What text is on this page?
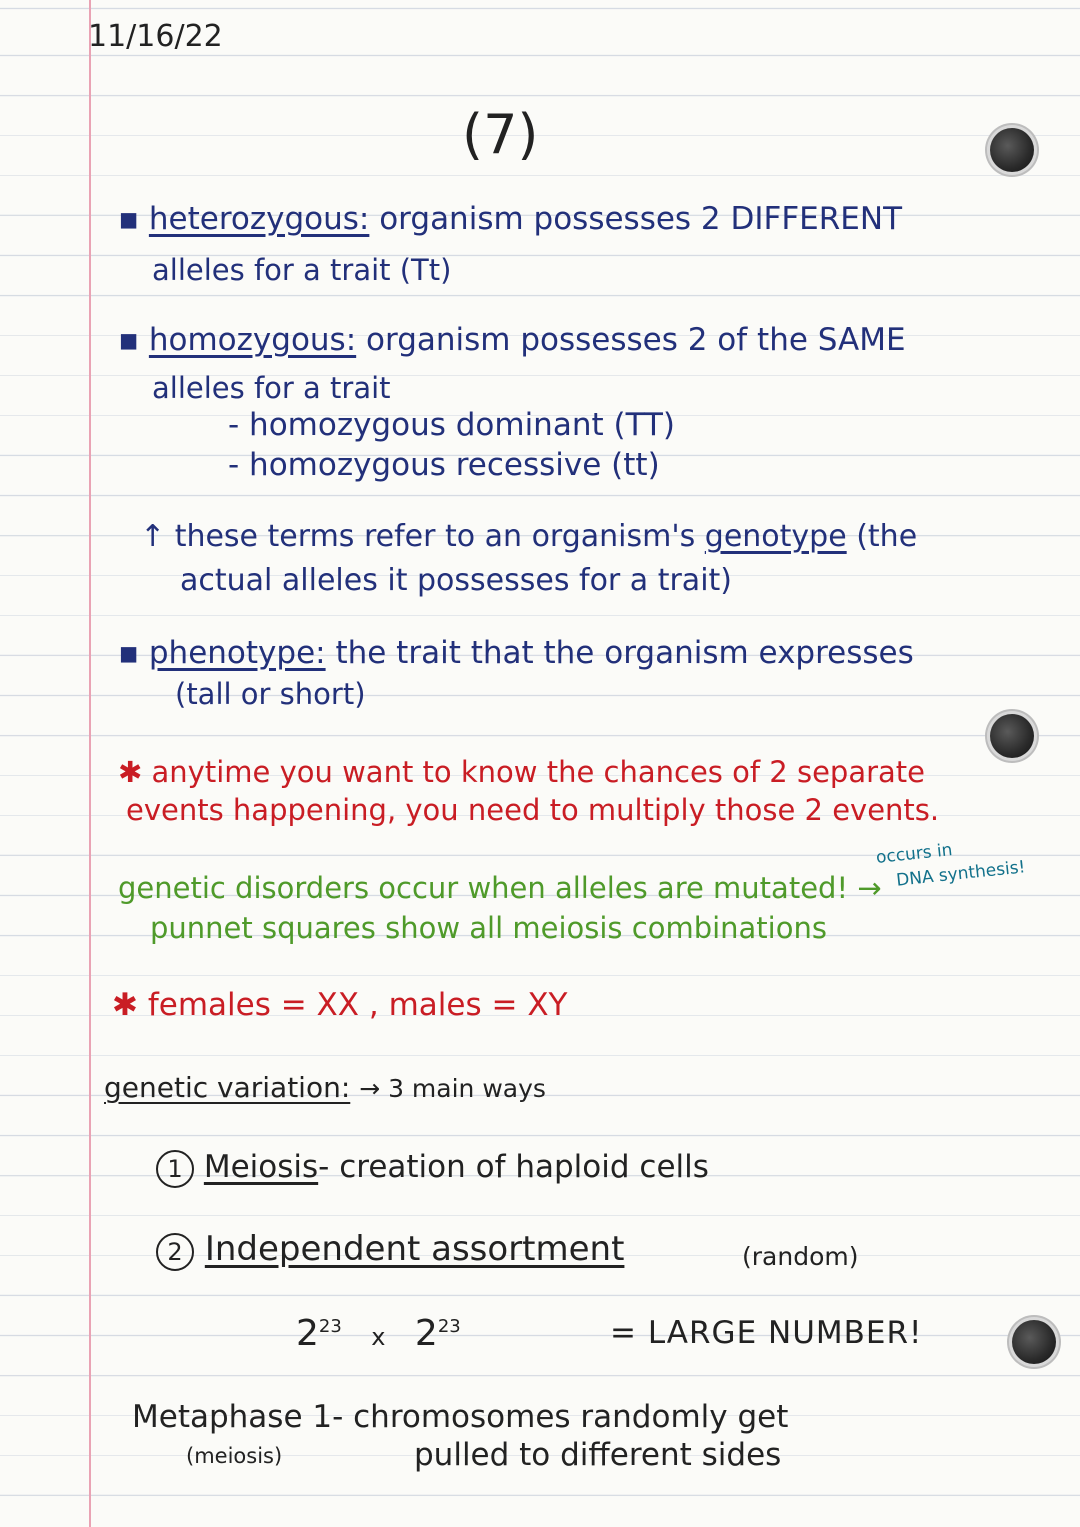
11/16/22
(7)
▪ heterozygous: organism possesses 2 DIFFERENT
alleles for a trait (Tt)
▪ homozygous: organism possesses 2 of the SAME
alleles for a trait
- homozygous dominant (TT)
- homozygous recessive (tt)
↑ these terms refer to an organism's genotype (the
actual alleles it possesses for a trait)
▪ phenotype: the trait that the organism expresses
(tall or short)
✱ anytime you want to know the chances of 2 separate
events happening, you need to multiply those 2 events.
genetic disorders occur when alleles are mutated! →
occurs in
DNA synthesis!
punnet squares show all meiosis combinations
✱ females = XX , males = XY
genetic variation: → 3 main ways
1 Meiosis- creation of haploid cells
2 Independent assortment	(random)
$2^{23}$ x $2^{23}$	= LARGE NUMBER!
Metaphase 1- chromosomes randomly get
(meiosis)	pulled to different sides
